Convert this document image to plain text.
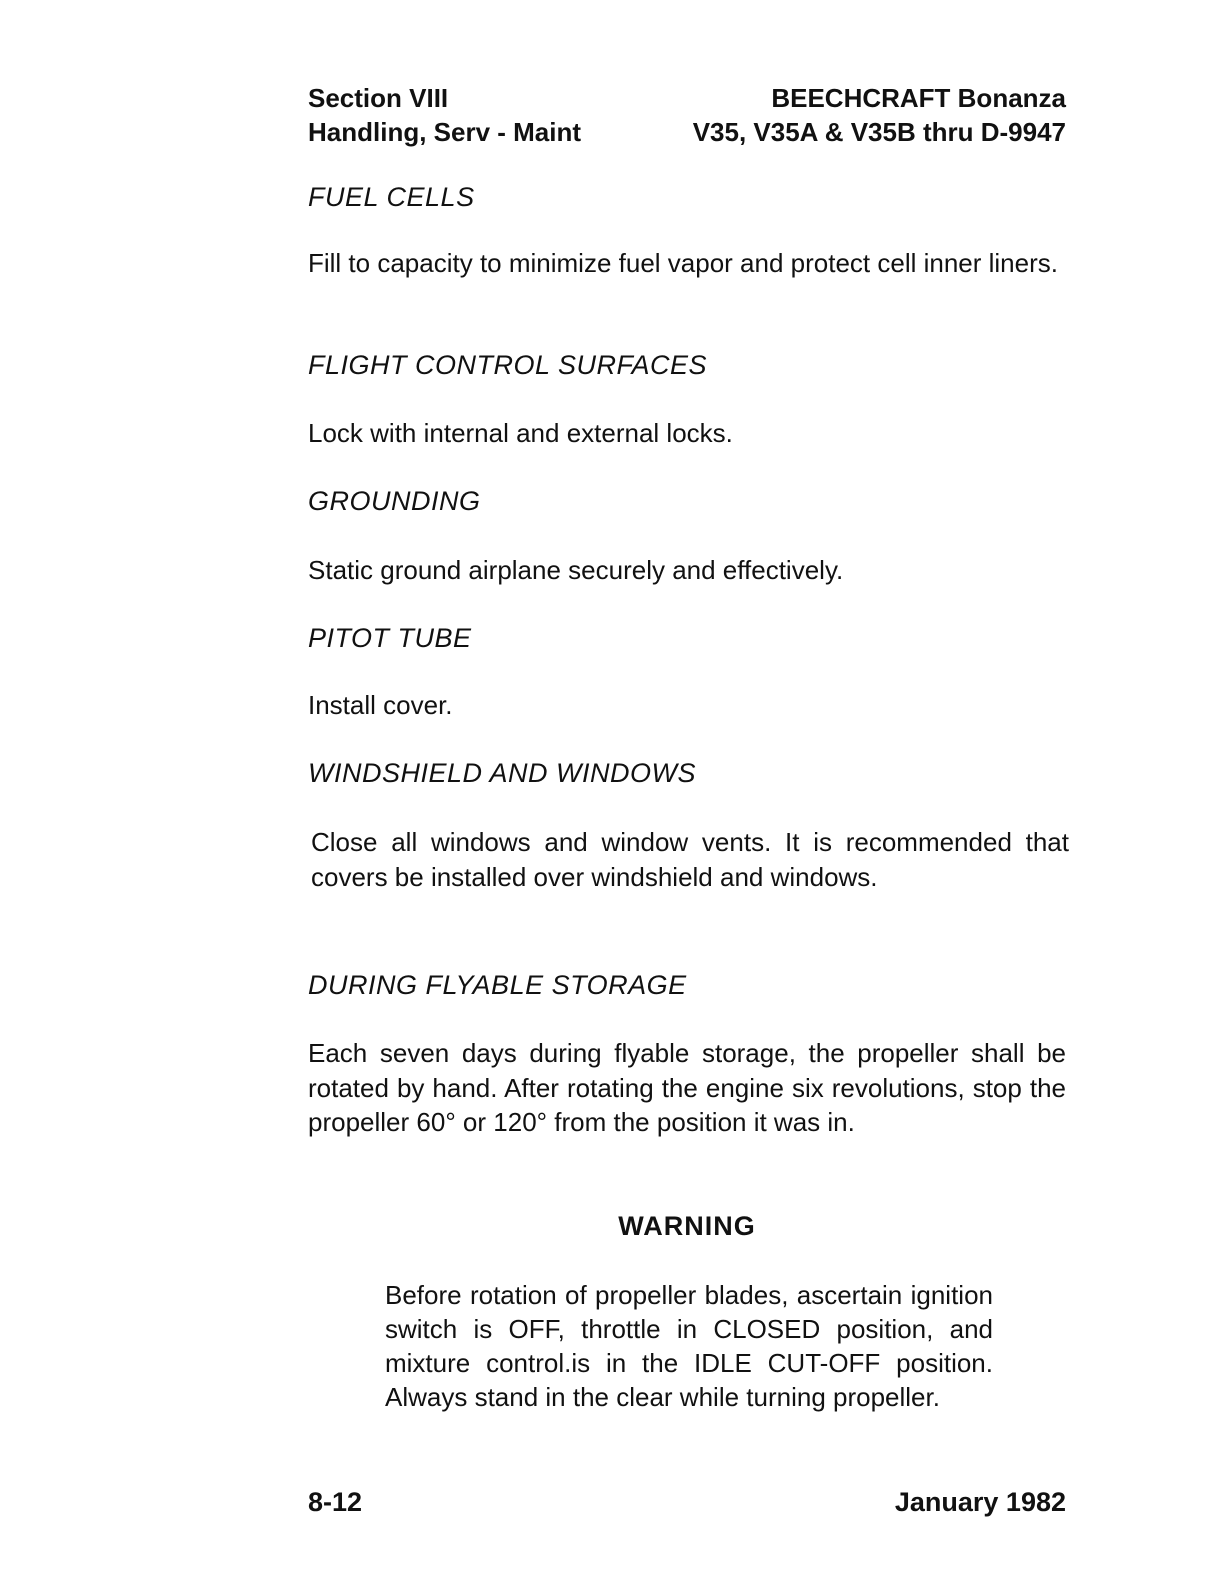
Section VIII	BEECHCRAFT Bonanza
Handling, Serv - Maint	V35, V35A & V35B thru D-9947
FUEL CELLS
Fill to capacity to minimize fuel vapor and protect cell inner liners.
FLIGHT CONTROL SURFACES
Lock with internal and external locks.
GROUNDING
Static ground airplane securely and effectively.
PITOT TUBE
Install cover.
WINDSHIELD AND WINDOWS
Close all windows and window vents. It is recommended that covers be installed over windshield and windows.
DURING FLYABLE STORAGE
Each seven days during flyable storage, the propeller shall be rotated by hand. After rotating the engine six revolutions, stop the propeller 60° or 120° from the position it was in.
WARNING
Before rotation of propeller blades, ascertain ignition switch is OFF, throttle in CLOSED position, and mixture control.is in the IDLE CUT-OFF position. Always stand in the clear while turning propeller.
8-12	January 1982
